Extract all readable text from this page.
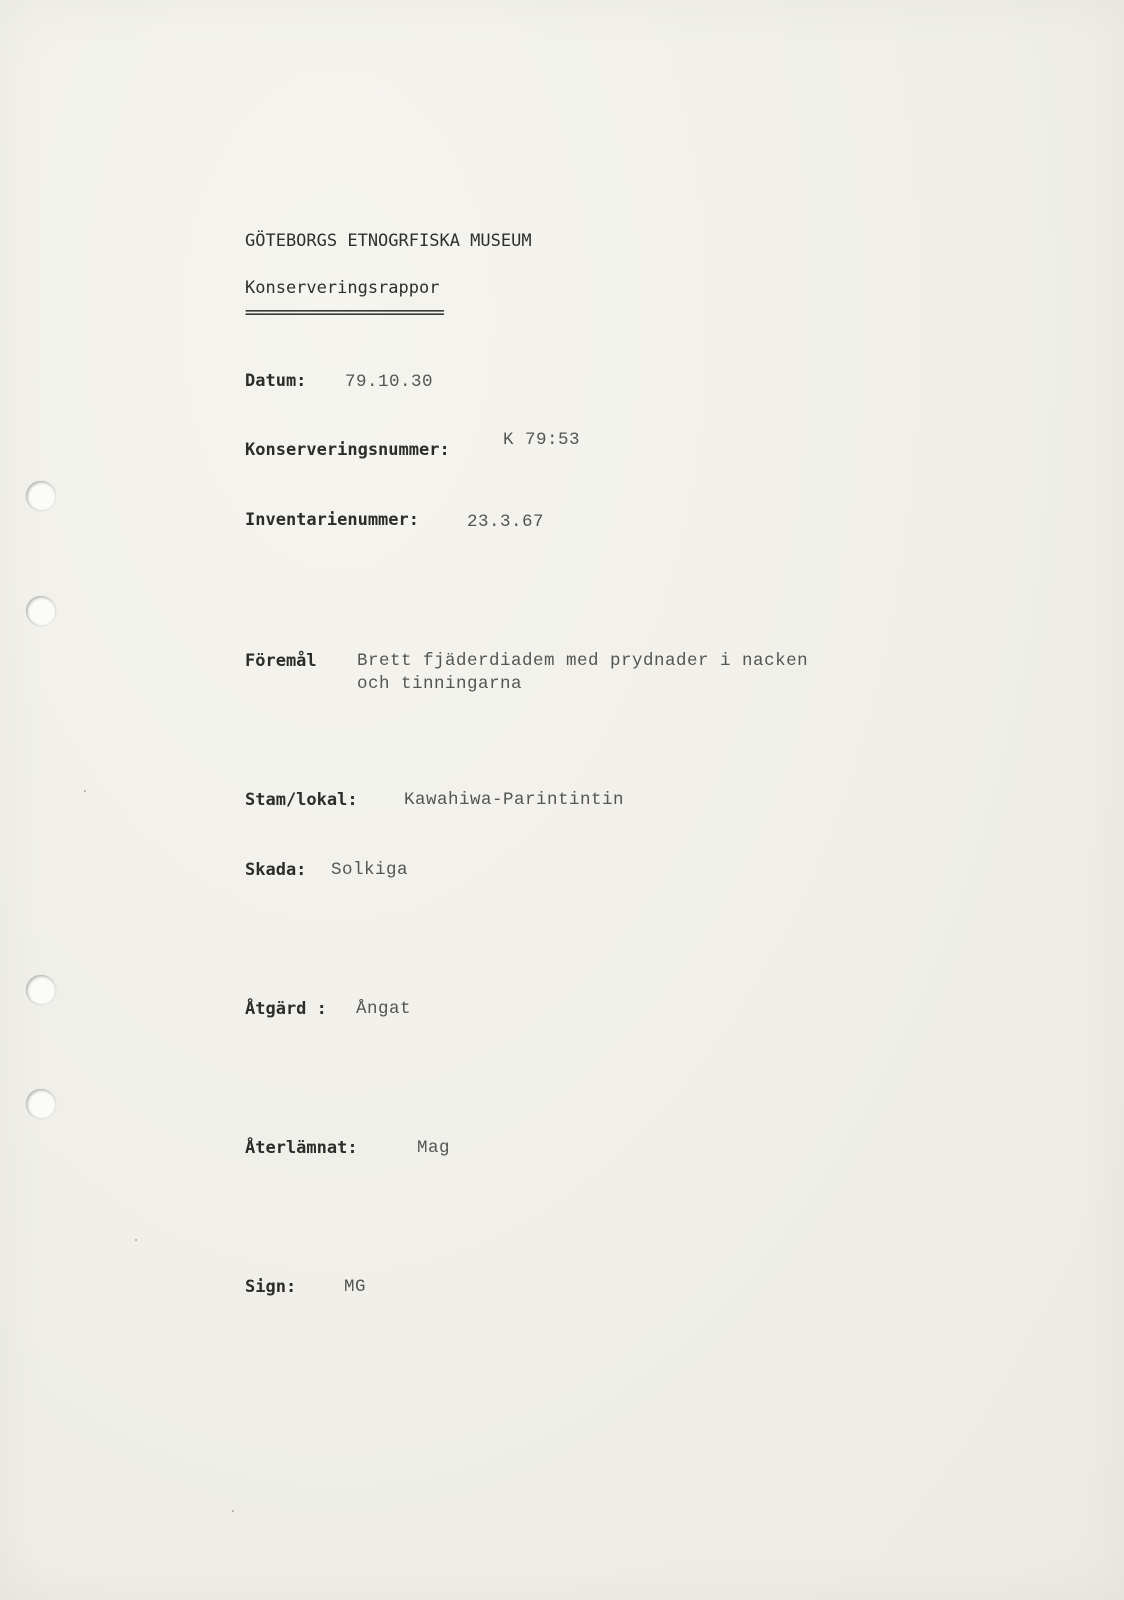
GÖTEBORGS ETNOGRFISKA MUSEUM
Konserveringsrappor
=============================
Datum: 79.10.30
Konserveringsnummer:	K 79:53
Inventarienummer:	23.3.67
Föremål Brett fjäderdiadem med prydnader i nacken
och tinningarna
Stam/lokal:	Kawahiwa-Parintintin
Skada: Solkiga
Åtgärd : Ångat
Återlämnat:	Mag
Sign:	MG
